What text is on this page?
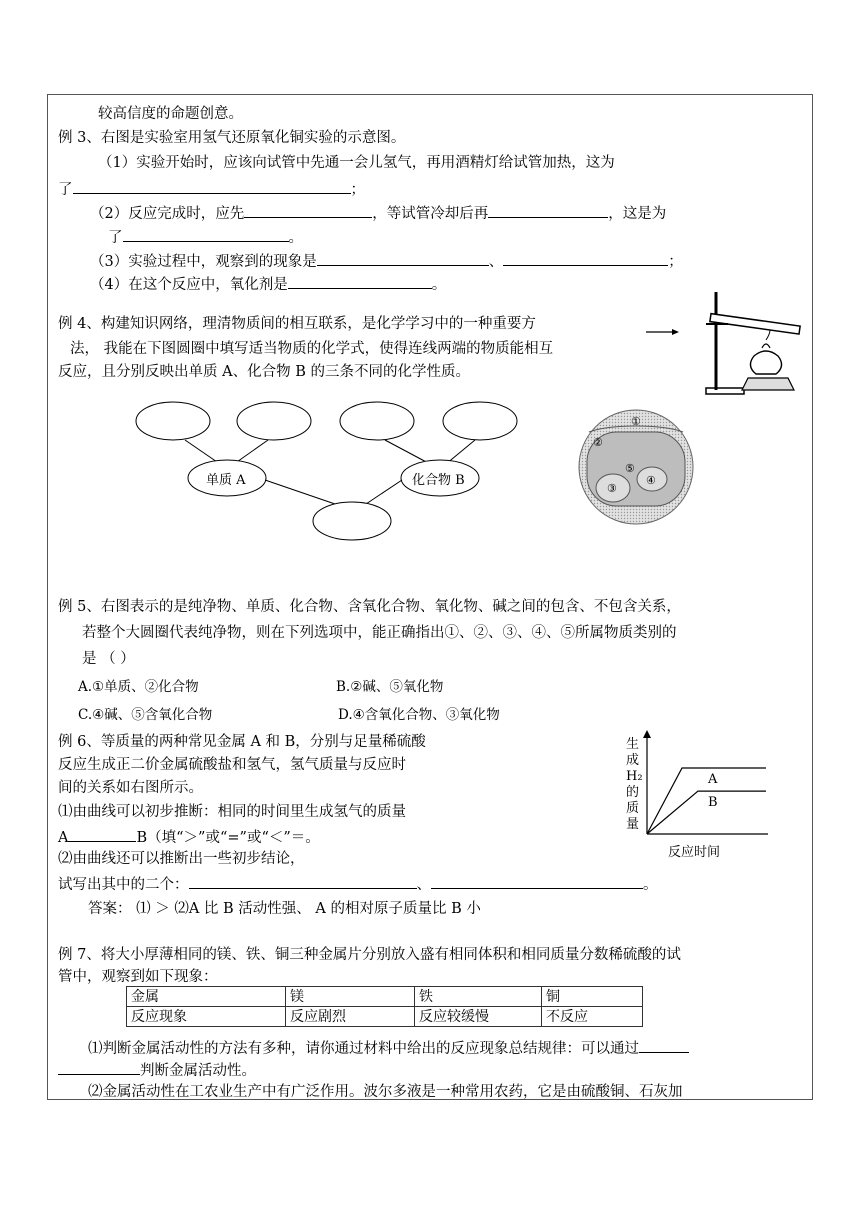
较高信度的命题创意。
例 3、右图是实验室用氢气还原氧化铜实验的示意图。
（1）实验开始时，应该向试管中先通一会儿氢气，再用酒精灯给试管加热，这为
了	；
（2）反应完成时，应先	，等试管冷却后再	，这是为
了	。
（3）实验过程中，观察到的现象是	、	；
（4）在这个反应中，氧化剂是	。
例 4、构建知识网络，理清物质间的相互联系，是化学学习中的一种重要方
法， 我能在下图圆圈中填写适当物质的化学式，使得连线两端的物质能相互
反应，且分别反映出单质 A、化合物 B 的三条不同的化学性质。
单质 A	化合物 B
①
②
③
④
⑤
例 5、右图表示的是纯净物、单质、化合物、含氧化合物、氧化物、碱之间的包含、不包含关系，
若整个大圆圈代表纯净物，则在下列选项中，能正确指出①、②、③、④、⑤所属物质类别的
是 （ ）
A.①单质、②化合物	B.②碱、⑤氧化物
C.④碱、⑤含氧化合物	D.④含氧化合物、③氧化物
例 6、等质量的两种常见金属 A 和 B，分别与足量稀硫酸
反应生成正二价金属硫酸盐和氢气，氢气质量与反应时
间的关系如右图所示。
⑴由曲线可以初步推断：相同的时间里生成氢气的质量
A	B（填“＞”或“=”或“＜”＝。
⑵由曲线还可以推断出一些初步结论，
试写出其中的二个：	、	。
答案： ⑴ ＞ ⑵A 比 B 活动性强、 A 的相对原子质量比 B 小
生
成
H₂
的
质
量
A
B
反应时间
例 7、将大小厚薄相同的镁、铁、铜三种金属片分别放入盛有相同体积和相同质量分数稀硫酸的试
管中，观察到如下现象：
金属	镁	铁	铜
反应现象	反应剧烈	反应较缓慢	不反应
⑴判断金属活动性的方法有多种，请你通过材料中给出的反应现象总结规律：可以通过
判断金属活动性。
⑵金属活动性在工农业生产中有广泛作用。波尔多液是一种常用农药，它是由硫酸铜、石灰加
